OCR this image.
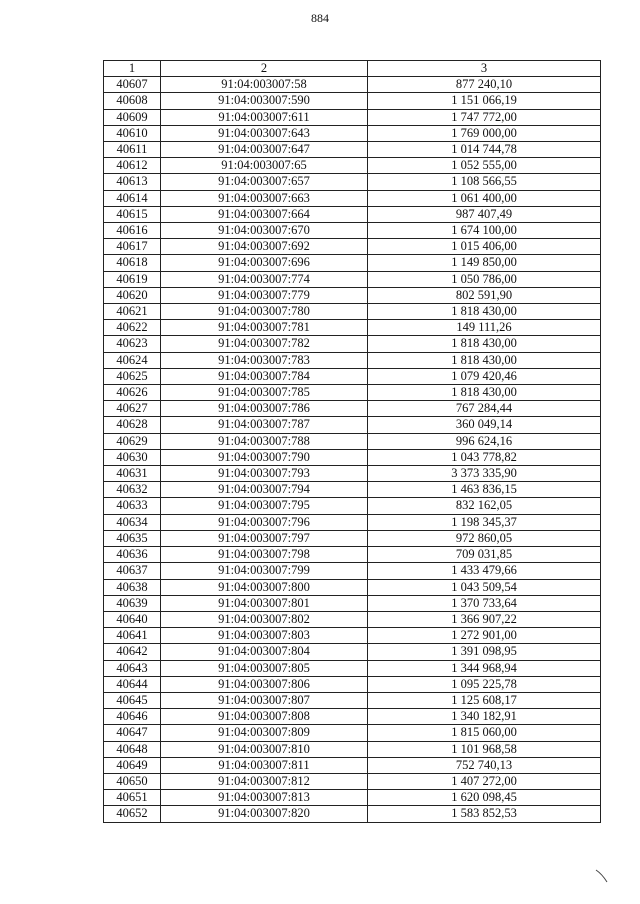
884
1	2	3
40607	91:04:003007:58	877 240,10
40608	91:04:003007:590	1 151 066,19
40609	91:04:003007:611	1 747 772,00
40610	91:04:003007:643	1 769 000,00
40611	91:04:003007:647	1 014 744,78
40612	91:04:003007:65	1 052 555,00
40613	91:04:003007:657	1 108 566,55
40614	91:04:003007:663	1 061 400,00
40615	91:04:003007:664	987 407,49
40616	91:04:003007:670	1 674 100,00
40617	91:04:003007:692	1 015 406,00
40618	91:04:003007:696	1 149 850,00
40619	91:04:003007:774	1 050 786,00
40620	91:04:003007:779	802 591,90
40621	91:04:003007:780	1 818 430,00
40622	91:04:003007:781	149 111,26
40623	91:04:003007:782	1 818 430,00
40624	91:04:003007:783	1 818 430,00
40625	91:04:003007:784	1 079 420,46
40626	91:04:003007:785	1 818 430,00
40627	91:04:003007:786	767 284,44
40628	91:04:003007:787	360 049,14
40629	91:04:003007:788	996 624,16
40630	91:04:003007:790	1 043 778,82
40631	91:04:003007:793	3 373 335,90
40632	91:04:003007:794	1 463 836,15
40633	91:04:003007:795	832 162,05
40634	91:04:003007:796	1 198 345,37
40635	91:04:003007:797	972 860,05
40636	91:04:003007:798	709 031,85
40637	91:04:003007:799	1 433 479,66
40638	91:04:003007:800	1 043 509,54
40639	91:04:003007:801	1 370 733,64
40640	91:04:003007:802	1 366 907,22
40641	91:04:003007:803	1 272 901,00
40642	91:04:003007:804	1 391 098,95
40643	91:04:003007:805	1 344 968,94
40644	91:04:003007:806	1 095 225,78
40645	91:04:003007:807	1 125 608,17
40646	91:04:003007:808	1 340 182,91
40647	91:04:003007:809	1 815 060,00
40648	91:04:003007:810	1 101 968,58
40649	91:04:003007:811	752 740,13
40650	91:04:003007:812	1 407 272,00
40651	91:04:003007:813	1 620 098,45
40652	91:04:003007:820	1 583 852,53
